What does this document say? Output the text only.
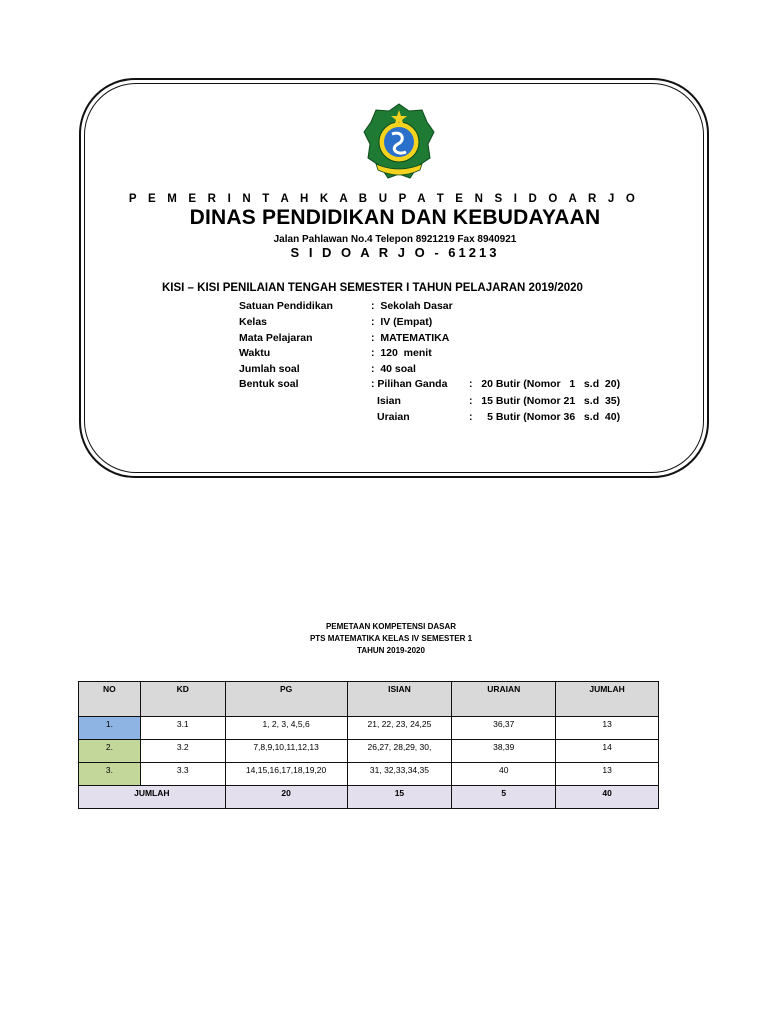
P E M E R I N T A H K A B U P A T E N S I D O A R J O
DINAS PENDIDIKAN DAN KEBUDAYAAN
Jalan Pahlawan No.4 Telepon 8921219 Fax 8940921
S I D O A R J O - 61213
KISI – KISI PENILAIAN TENGAH SEMESTER I TAHUN PELAJARAN 2019/2020
Satuan Pendidikan	:  Sekolah Dasar
Kelas	:  IV (Empat)
Mata Pelajaran	:  MATEMATIKA
Waktu	:  120  menit
Jumlah soal	:  40 soal
Bentuk soal	: Pilihan Ganda :   20 Butir (Nomor   1   s.d  20)
Isian	:   15 Butir (Nomor 21   s.d  35)
Uraian	:     5 Butir (Nomor 36   s.d  40)
PEMETAAN KOMPETENSI DASAR
PTS MATEMATIKA KELAS IV SEMESTER 1
TAHUN 2019-2020
NO	KD	PG	ISIAN	URAIAN	JUMLAH
1.	3.1	1, 2, 3, 4,5,6	21, 22, 23, 24,25	36,37	13
2.	3.2	7,8,9,10,11,12,13	26,27, 28,29, 30,	38,39	14
3.	3.3	14,15,16,17,18,19,20	31, 32,33,34,35	40	13
JUMLAH		20	15	5	40
